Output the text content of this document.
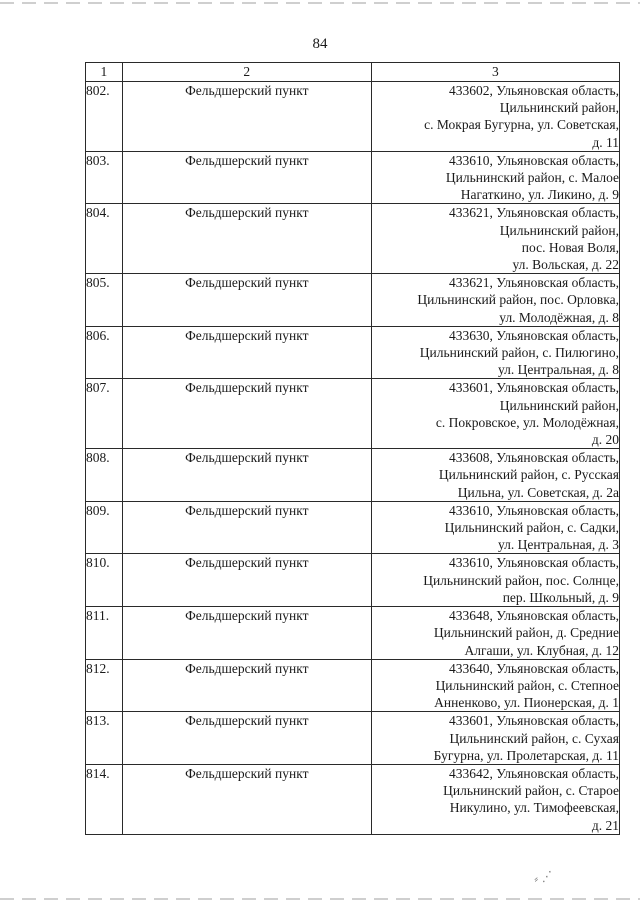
84
1	2	3
802.	Фельдшерский пункт	433602, Ульяновская область,
Цильнинский район,
с. Мокрая Бугурна, ул. Советская,
д. 11

803.	Фельдшерский пункт	433610, Ульяновская область,
Цильнинский район, с. Малое
Нагаткино, ул. Ликино, д. 9

804.	Фельдшерский пункт	433621, Ульяновская область,
Цильнинский район,
пос. Новая Воля,
ул. Вольская, д. 22

805.	Фельдшерский пункт	433621, Ульяновская область,
Цильнинский район, пос. Орловка,
ул. Молодёжная, д. 8

806.	Фельдшерский пункт	433630, Ульяновская область,
Цильнинский район, с. Пилюгино,
ул. Центральная, д. 8

807.	Фельдшерский пункт	433601, Ульяновская область,
Цильнинский район,
с. Покровское, ул. Молодёжная,
д. 20

808.	Фельдшерский пункт	433608, Ульяновская область,
Цильнинский район, с. Русская
Цильна, ул. Советская, д. 2а

809.	Фельдшерский пункт	433610, Ульяновская область,
Цильнинский район, с. Садки,
ул. Центральная, д. 3

810.	Фельдшерский пункт	433610, Ульяновская область,
Цильнинский район, пос. Солнце,
пер. Школьный, д. 9

811.	Фельдшерский пункт	433648, Ульяновская область,
Цильнинский район, д. Средние
Алгаши, ул. Клубная, д. 12

812.	Фельдшерский пункт	433640, Ульяновская область,
Цильнинский район, с. Степное
Анненково, ул. Пионерская, д. 1

813.	Фельдшерский пункт	433601, Ульяновская область,
Цильнинский район, с. Сухая
Бугурна, ул. Пролетарская, д. 11

814.	Фельдшерский пункт	433642, Ульяновская область,
Цильнинский район, с. Старое
Никулино, ул. Тимофеевская,
д. 21
⸗ ⋰
